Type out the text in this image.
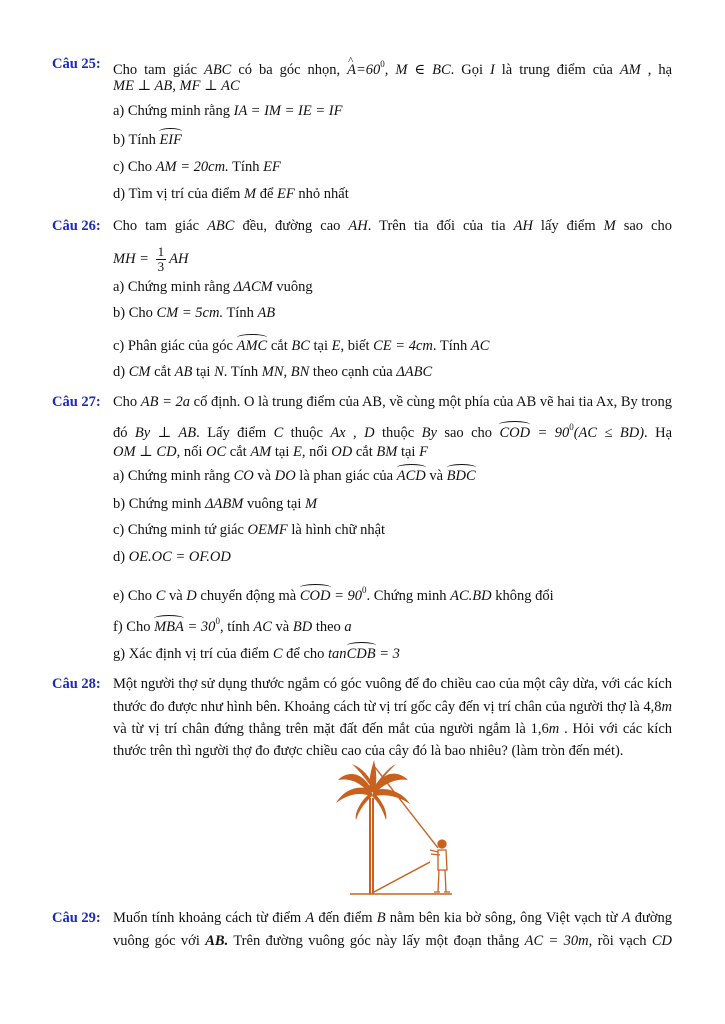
Câu 25: Cho tam giác ABC có ba góc nhọn, ^ $A=60^0$, M ∈ BC. Gọi I là trung điểm của AM , hạ
ME ⊥ AB, MF ⊥ AC
a) Chứng minh rằng IA = IM = IE = IF
b) Tính EIF
c) Cho AM = 20cm. Tính EF
d) Tìm vị trí của điểm M để EF nhỏ nhất
Câu 26: Cho tam giác ABC đều, đường cao AH. Trên tia đối của tia AH lấy điểm M sao cho
MH = $\frac{1}{3}$ AH
a) Chứng minh rằng ΔACM vuông
b) Cho CM = 5cm. Tính AB
c) Phân giác của góc AMC cắt BC tại E, biết CE = 4cm. Tính AC
d) CM cắt AB tại N. Tính MN, BN theo cạnh của ΔABC
Câu 27: Cho AB = 2a cố định. O là trung điểm của AB, về cùng một phía của AB vẽ hai tia Ax, By trong
đó By ⊥ AB. Lấy điểm C thuộc Ax , D thuộc By sao cho COD = $90^0(AC \le BD)$. Hạ
OM ⊥ CD, nối OC cắt AM tại E, nối OD cắt BM tại F
a) Chứng minh rằng CO và DO là phan giác của ACD và BDC
b) Chứng minh ΔABM vuông tại M
c) Chứng minh tứ giác OEMF là hình chữ nhật
d) OE.OC = OF.OD
e) Cho C và D chuyển động mà COD = $90^0$. Chứng minh AC.BD không đổi
f) Cho MBA = $30^0$, tính AC và BD theo a
g) Xác định vị trí của điểm C để cho tanCDB = 3
Câu 28: Một người thợ sử dụng thước ngắm có góc vuông để đo chiều cao của một cây dừa, với các kích
thước đo được như hình bên. Khoảng cách từ vị trí gốc cây đến vị trí chân của người thợ là 4,8m
và từ vị trí chân đứng thẳng trên mặt đất đến mắt của người ngắm là 1,6m . Hỏi với các kích
thước trên thì người thợ đo được chiều cao của cây đó là bao nhiêu? (làm tròn đến mét).
Câu 29: Muốn tính khoảng cách từ điểm A đến điểm B nằm bên kia bờ sông, ông Việt vạch từ A đường
vuông góc với AB. Trên đường vuông góc này lấy một đoạn thẳng AC = 30m, rồi vạch CD
